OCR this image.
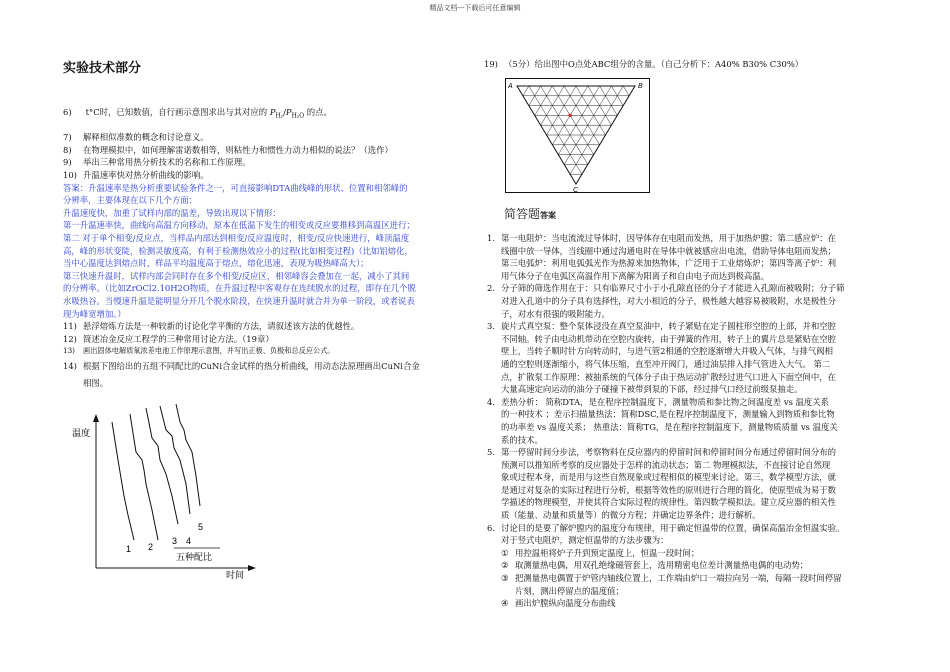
精品文档---下载后可任意编辑
实验技术部分

6) t°C时，已知数值，自行画示意图求出与其对应的 $P_{H_2}/P_{H_2O}$ 的点。

7) 解释相似准数的概念和讨论意义。

8) 在物理模拟中，如何理解雷诺数相等，则粘性力和惯性力动力相似的说法？（选作）

9) 举出三种常用热分析技术的名称和工作原理。

10) 升温速率快对热分析曲线的影响。

答案：升温速率是热分析重要试验条件之一，可直接影响DTA曲线峰的形状、位置和相邻峰的

分辨率，主要体现在以下几个方面：

升温速度快，加重了试样内部的温差，导致出现以下情形：

第一升温速率快，曲线向高温方向移动，原本在低温下发生的相变或反应要推移到高温区进行；

第二 对于单个相变/反应点，当样品内部达到相变/反应温度时，相变/反应快速进行，峰顶温度

高，峰的形状变陡，检测灵敏度高，有利于检测热效应小的过程(比如相变过程)（比如铝熔化，

当中心温度达到熔点时，样品平均温度高于熔点，熔化迅速，表现为吸热峰高大）；

第三快速升温时，试样内部会同时存在多个相变/反应区，相邻峰容会叠加在一起，减小了其间

的分辨率。（比如ZrOCl2.10H2O物质，在升温过程中客观存在连续脱水的过程，即存在几个脱

水吸热谷。当慢速升温是能明显分开几个脱水阶段，在快速升温时就合并为单一阶段，或者说表

现为峰宽增加。）

11) 悬浮熔炼方法是一种较新的讨论化学平衡的方法，请叙述该方法的优越性。

12) 简述冶金反应工程学的三种常用讨论方法。（19章）

13) 画出固体电解质氧浓差电池工作原理示意图，并写出正极、负极和总反应公式。

14) 根据下图给出的五组不同配比的CuNi合金试样的热分析曲线，用动态法原理画出CuNi合金

相图。

温度
时间
五种配比
1 2
3 4
5
19) （5分）给出图中O点处ABC组分的含量。（自己分析下：A40% B30% C30%）
A	B
C
简答题答案
1. 第一电阻炉：当电流流过导体时，因导体存在电阻而发热，用于加热炉膛；第二感应炉：在
线圈中放一导体，当线圈中通过沟通电时在导体中就被感应出电流，借助导体电阻而发热；
第三电弧炉：利用电弧弧光作为热源来加热物体，广泛用于工业熔炼炉；第四等离子炉：利
用气体分子在电弧区高温作用下离解为阳离子和自由电子而达到极高温。
2. 分子筛的筛选作用在于：只有临界尺寸小于小孔隙直径的分子才能进入孔隙而被吸附；分子筛
对进入孔道中的分子具有选择性，对大小相近的分子，极性越大越容易被吸附，水是极性分
子，对水有很强的吸附能力。
3. 旋片式真空泵：整个泵体浸没在真空泵油中，转子紧贴在定子圆柱形空腔的上部，并和空腔
不同轴。转子由电动机带动在空腔内旋转，由于弹簧的作用，转子上的翼片总是紧贴在空腔
壁上，当转子顺时针方向转动时，与进气管2相通的空腔逐渐增大并吸入气体，与排气阀相
通的空腔则逐渐缩小，将气体压缩，直至冲开阀门，通过油层排入排气管进入大气。 第二
点，扩散泵工作原理：被抽系统的气体分子由于热运动扩散经过进气口进入下面空间中，在
大量高速定向运动的油分子碰撞下被带到泵的下部，经过排气口经过前级泵抽走。
4. 差热分析： 简称DTA，是在程序控制温度下，测量物质和参比物之间温度差 vs 温度关系
的一种技术 ；差示扫描量热法：简称DSC,是在程序控制温度下，测量输入到物质和参比物
的功率差 vs 温度关系； 热重法：简称TG，是在程序控制温度下，测量物质质量 vs 温度关
系的技术。
5. 第一停留时间分步法，考察物料在反应器内的停留时间和停留时间分布通过停留时间分布的
预测可以推知所考察的反应器处于怎样的流动状态；第二 物理模拟法，不直接讨论自然现
象或过程本身，而是用与这些自然现象或过程相似的模型来讨论。第三，数学模型方法，就
是通过对复杂的实际过程进行分析，根据等效性的原则进行合理的简化，使原型成为易于数
学描述的物理模型，并使其符合实际过程的规律性。第四数学模拟法。建立反应器的相关性
质（能量、动量和质量等）的微分方程；并确定边界条件；进行解析。
6. 讨论目的是要了解炉膛内的温度分布规律，用于确定恒温带的位置，确保高温冶金恒温实验。
对于竖式电阻炉，测定恒温带的方法步骤为：
① 用控温柜将炉子升到预定温度上，恒温一段时间；
② 取测量热电偶，用双孔绝缘磁管套上，选用精密电位差计测量热电偶的电动势；
③ 把测量热电偶置于炉管内轴线位置上，工作端由炉口一端拉向另一端，每隔一段时间停留
片刻，测出停留点的温度值；
④ 画出炉膛纵向温度分布曲线
